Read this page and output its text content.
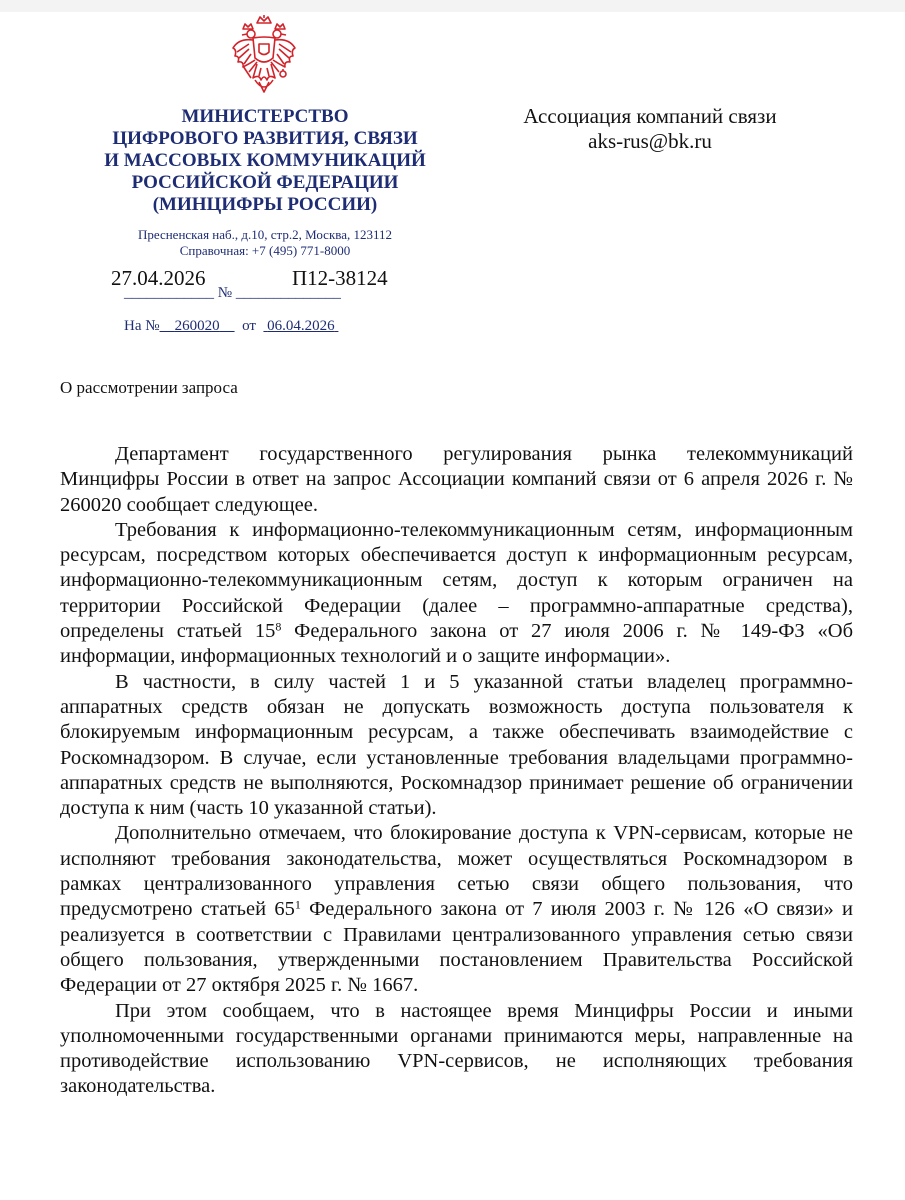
МИНИСТЕРСТВО
ЦИФРОВОГО РАЗВИТИЯ, СВЯЗИ
И МАССОВЫХ КОММУНИКАЦИЙ
РОССИЙСКОЙ ФЕДЕРАЦИИ
(МИНЦИФРЫ РОССИИ)
Пресненская наб., д.10, стр.2, Москва, 123112
Справочная: +7 (495) 771-8000
Ассоциация компаний связи
aks-rus@bk.ru
27.04.2026	П12-38124
____________ № ______________
На № 260020 от 06.04.2026
О рассмотрении запроса

Департамент государственного регулирования рынка телекоммуникаций Минцифры России в ответ на запрос Ассоциации компаний связи от 6 апреля 2026 г. № 260020 сообщает следующее.

Требования к информационно-телекоммуникационным сетям, информационным ресурсам, посредством которых обеспечивается доступ к информационным ресурсам, информационно-телекоммуникационным сетям, доступ к которым ограничен на территории Российской Федерации (далее – программно-аппаратные средства), определены статьей $15^8$ Федерального закона от 27 июля 2006 г. № 149-ФЗ «Об информации, информационных технологий и о защите информации».

В частности, в силу частей 1 и 5 указанной статьи владелец программно-аппаратных средств обязан не допускать возможность доступа пользователя к блокируемым информационным ресурсам, а также обеспечивать взаимодействие с Роскомнадзором. В случае, если установленные требования владельцами программно-аппаратных средств не выполняются, Роскомнадзор принимает решение об ограничении доступа к ним (часть 10 указанной статьи).

Дополнительно отмечаем, что блокирование доступа к VPN-сервисам, которые не исполняют требования законодательства, может осуществляться Роскомнадзором в рамках централизованного управления сетью связи общего пользования, что предусмотрено статьей $65^1$ Федерального закона от 7 июля 2003 г. № 126 «О связи» и реализуется в соответствии с Правилами централизованного управления сетью связи общего пользования, утвержденными постановлением Правительства Российской Федерации от 27 октября 2025 г. № 1667.

При этом сообщаем, что в настоящее время Минцифры России и иными уполномоченными государственными органами принимаются меры, направленные на противодействие использованию VPN-сервисов, не исполняющих требования законодательства.
